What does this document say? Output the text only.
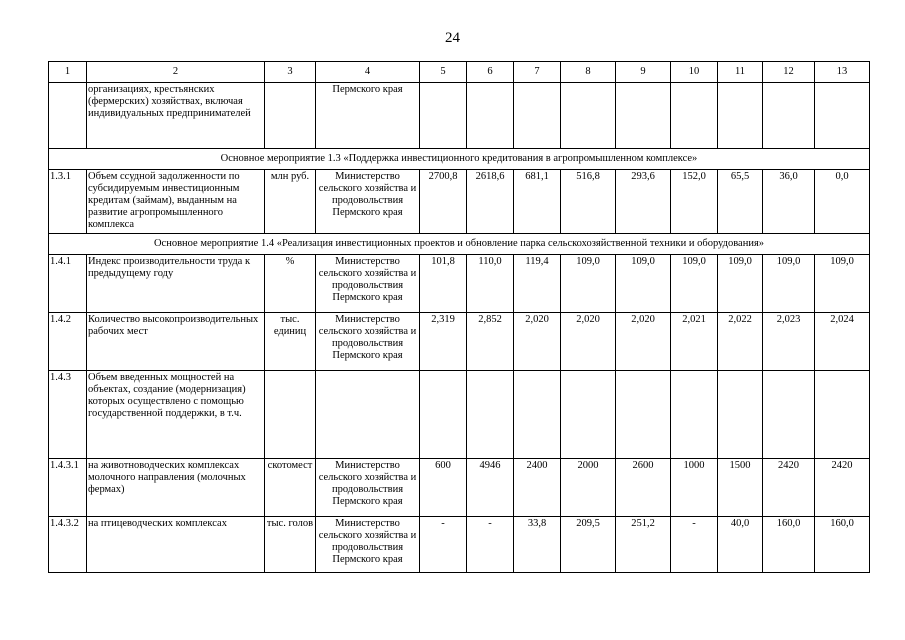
24
1	2	3	4	5	6	7	8	9	10	11	12	13
	организациях, крестьянских (фермерских) хозяйствах, включая индивидуальных предпринимателей		Пермского края									
Основное мероприятие 1.3 «Поддержка инвестиционного кредитования в агропромышленном комплексе»												
1.3.1	Объем ссудной задолженности по субсидируемым инвестиционным кредитам (займам), выданным на развитие агропромышленного комплекса	млн руб.	Министерство сельского хозяйства и продовольствия Пермского края	2700,8	2618,6	681,1	516,8	293,6	152,0	65,5	36,0	0,0
Основное мероприятие 1.4 «Реализация инвестиционных проектов и обновление парка сельскохозяйственной техники и оборудования»												
1.4.1	Индекс производительности труда к предыдущему году	%	Министерство сельского хозяйства и продовольствия Пермского края	101,8	110,0	119,4	109,0	109,0	109,0	109,0	109,0	109,0
1.4.2	Количество высокопроизводительных рабочих мест	тыс. единиц	Министерство сельского хозяйства и продовольствия Пермского края	2,319	2,852	2,020	2,020	2,020	2,021	2,022	2,023	2,024
1.4.3	Объем введенных мощностей на объектах, создание (модернизация) которых осуществлено с помощью государственной поддержки, в т.ч.											
1.4.3.1	на животноводческих комплексах молочного направления (молочных фермах)	скотомест	Министерство сельского хозяйства и продовольствия Пермского края	600	4946	2400	2000	2600	1000	1500	2420	2420
1.4.3.2	на птицеводческих комплексах	тыс. голов	Министерство сельского хозяйства и продовольствия Пермского края	-	-	33,8	209,5	251,2	-	40,0	160,0	160,0
